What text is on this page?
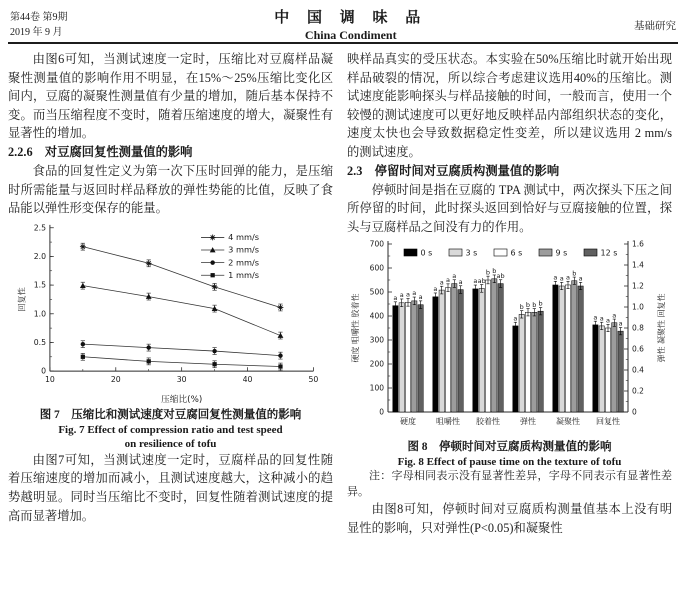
第44卷 第9期
2019 年 9 月
中 国 调 味 品
China Condiment
基础研究

由图6可知，当测试速度一定时，压缩比对豆腐样品凝聚性测量值的影响作用不明显，在15%～25%压缩比变化区间内，豆腐的凝聚性测量值有少量的增加，随后基本保持不变。而当压缩程度不变时，随着压缩速度的增大，凝聚性有显著性的增加。

2.2.6　对豆腐回复性测量值的影响

食品的回复性定义为第一次下压时回弹的能力，是压缩时所需能量与返回时样品释放的弹性势能的比值，反映了食品能以弹性形变保存的能量。

0
0.5
1.0
1.5
2.0
2.5
10	20	30	40	50
压缩比(%)
回复性
4 mm/s
3 mm/s
2 mm/s
1 mm/s

图 7　压缩比和测试速度对豆腐回复性测量值的影响

Fig. 7 Effect of compression ratio and test speed

on resilience of tofu

由图7可知，当测试速度一定时，豆腐样品的回复性随着压缩速度的增加而减小，且测试速度越大，这种减小的趋势越明显。同时当压缩比不变时，回复性随着测试速度的提高而显著增加。

映样品真实的受压状态。本实验在50%压缩比时就开始出现样品破裂的情况，所以综合考虑建议选用40%的压缩比。测试速度能影响探头与样品接触的时间，一般而言，使用一个较慢的测试速度可以更好地反映样品内部组织状态的变化，速度太快也会导致数据稳定性变差，所以建议选用 2 mm/s 的测试速度。

2.3　停留时间对豆腐质构测量值的影响

停顿时间是指在豆腐的 TPA 测试中，两次探头下压之间所停留的时间，此时探头返回到恰好与豆腐接触的位置，探头与豆腐样品之间没有力的作用。

0
100
200
300
400
500
600
700
0
0.2
0.4
0.6
0.8
1.0
1.2
1.4
1.6
硬度 咀嚼性 胶着性	弹性 凝聚性 回复性
a a a a a
硬度
a
a a
a
a
咀嚼性
a ab
b b
ab
胶着性
a
b b b b
弹性
a a a
b
a
凝聚性
a a a
a
a
回复性
0 s	3 s	6 s	9 s	12 s

图 8　停顿时间对豆腐质构测量值的影响

Fig. 8 Effect of pause time on the texture of tofu

注：字母相同表示没有显著性差异，字母不同表示有显著性差异。

由图8可知，停顿时间对豆腐质构测量值基本上没有明显性的影响，只对弹性(P<0.05)和凝聚性
